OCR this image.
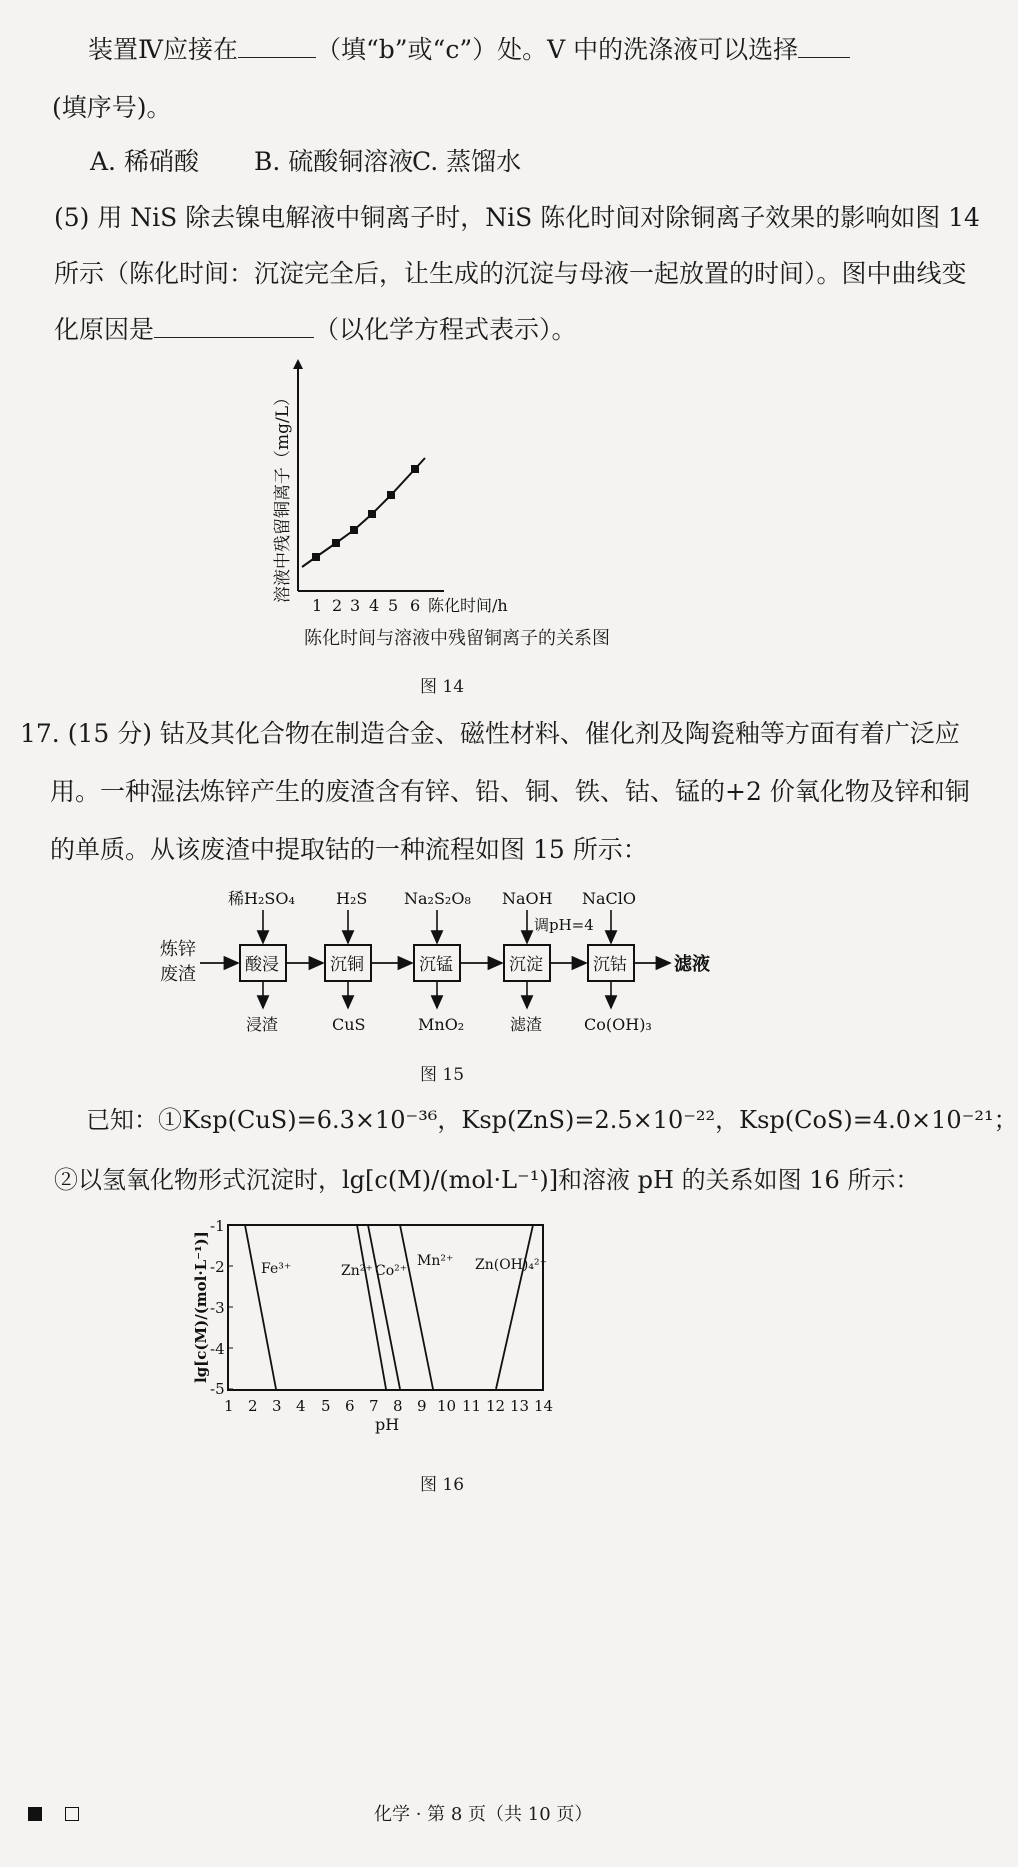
装置Ⅳ应接在	（填“b”或“c”）处。V 中的洗涤液可以选择
(填序号)。
A. 稀硝酸 B. 硫酸铜溶液
C. 蒸馏水
(5) 用 NiS 除去镍电解液中铜离子时，NiS 陈化时间对除铜离子效果的影响如图 14
所示（陈化时间：沉淀完全后，让生成的沉淀与母液一起放置的时间）。图中曲线变
化原因是	（以化学方程式表示）。
溶液中残留铜离子（mg/L）
1 2 3 4 5 6 陈化时间/h
陈化时间与溶液中残留铜离子的关系图
图 14
17. (15 分) 钴及其化合物在制造合金、磁性材料、催化剂及陶瓷釉等方面有着广泛应
用。一种湿法炼锌产生的废渣含有锌、铅、铜、铁、钴、锰的+2 价氧化物及锌和铜
的单质。从该废渣中提取钴的一种流程如图 15 所示：
炼锌
废渣	酸浸	沉铜	沉锰	沉淀	沉钴	滤液
稀H₂SO₄	H₂S Na₂S₂O₈ NaOH
调pH=4
NaClO
浸渣	CuS	MnO₂	滤渣	Co(OH)₃
图 15
已知：①Ksp(CuS)=6.3×10⁻³⁶，Ksp(ZnS)=2.5×10⁻²²，Ksp(CoS)=4.0×10⁻²¹；
②以氢氧化物形式沉淀时，lg[c(M)/(mol·L⁻¹)]和溶液 pH 的关系如图 16 所示：
lg[c(M)/(mol·L⁻¹)]
-1
-2
-3
-4
-5
Fe³⁺	Zn²⁺ Co²⁺
Mn²⁺ Zn(OH)₄²⁻
1 2 3 4 5 6 7 8 9 10 11 12 13 14
pH
图 16
化学 · 第 8 页（共 10 页）
